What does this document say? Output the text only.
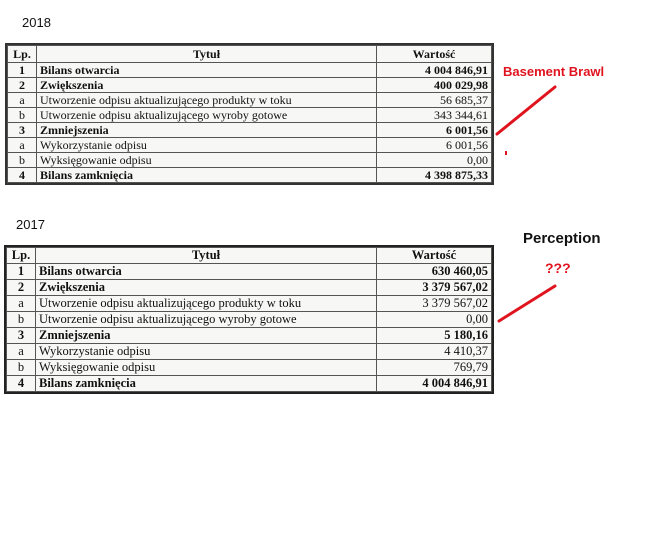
2018
Lp.	Tytuł	Wartość
1	Bilans otwarcia	4 004 846,91
2	Zwiększenia	400 029,98
a	Utworzenie odpisu aktualizującego produkty w toku	56 685,37
b	Utworzenie odpisu aktualizującego wyroby gotowe	343 344,61
3	Zmniejszenia	6 001,56
a	Wykorzystanie odpisu	6 001,56
b	Wyksięgowanie odpisu	0,00
4	Bilans zamknięcia	4 398 875,33
Basement Brawl
2017
Lp.	Tytuł	Wartość
1	Bilans otwarcia	630 460,05
2	Zwiększenia	3 379 567,02
a	Utworzenie odpisu aktualizującego produkty w toku	3 379 567,02
b	Utworzenie odpisu aktualizującego wyroby gotowe	0,00
3	Zmniejszenia	5 180,16
a	Wykorzystanie odpisu	4 410,37
b	Wyksięgowanie odpisu	769,79
4	Bilans zamknięcia	4 004 846,91
Perception
???
